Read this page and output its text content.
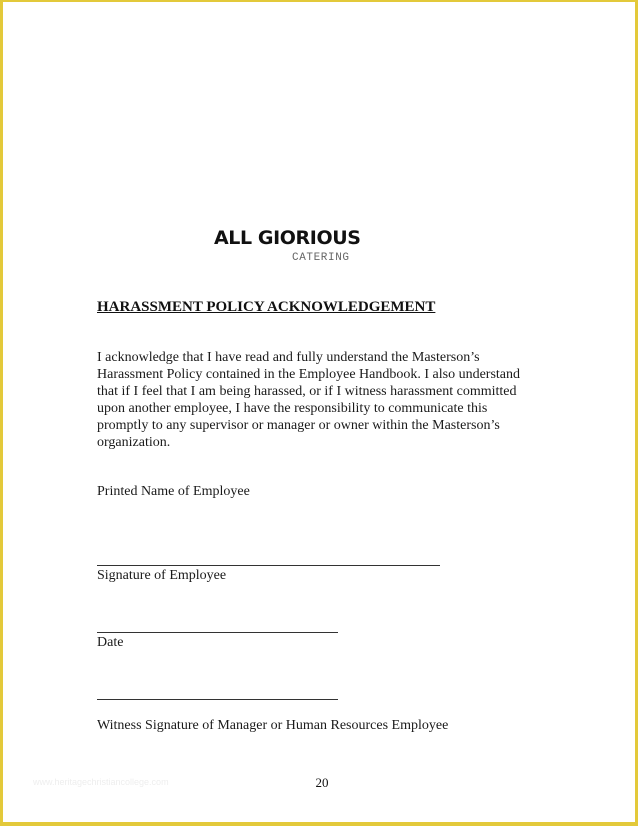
ALL GIORIOUS
CATERING
HARASSMENT POLICY ACKNOWLEDGEMENT
I acknowledge that I have read and fully understand the Masterson’s
Harassment Policy contained in the Employee Handbook. I also understand
that if I feel that I am being harassed, or if I witness harassment committed
upon another employee, I have the responsibility to communicate this
promptly to any supervisor or manager or owner within the Masterson’s
organization.
Printed Name of Employee
Signature of Employee
Date
Witness Signature of Manager or Human Resources Employee
www.heritagechristiancollege.com	20
